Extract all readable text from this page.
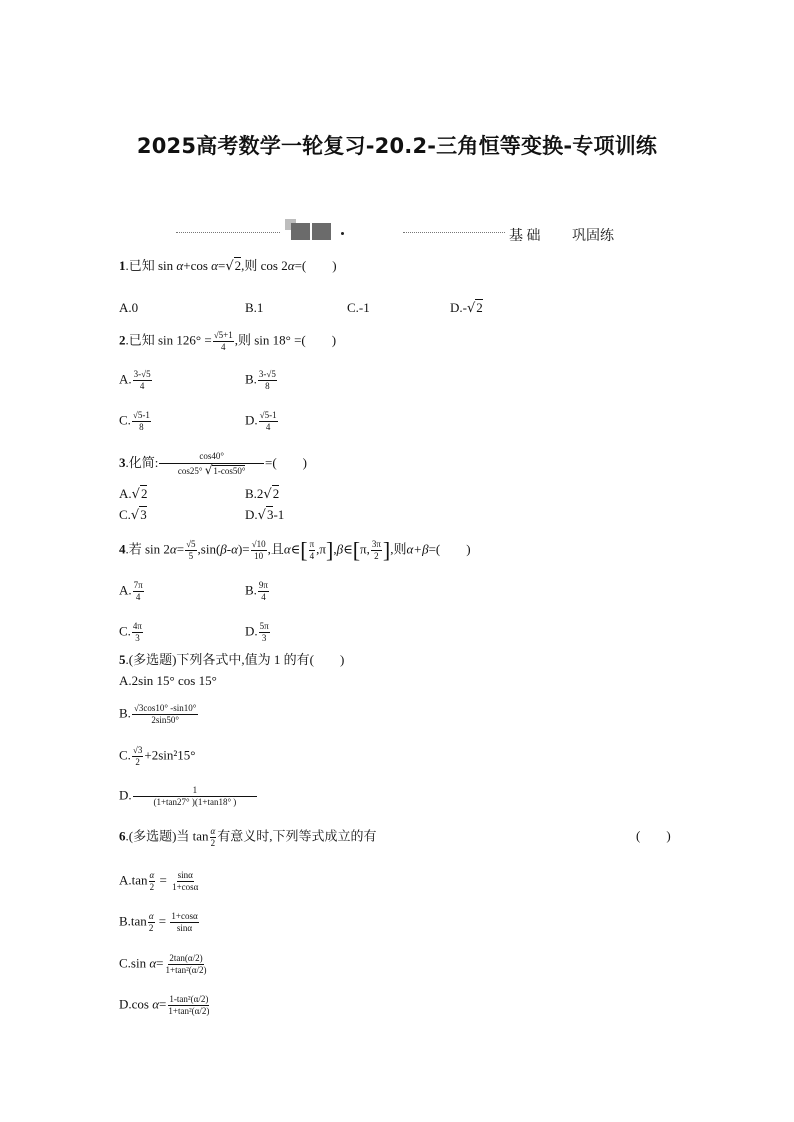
2025高考数学一轮复习-20.2-三角恒等变换-专项训练
基 础 巩固练
1.已知 sin α+cos α=√2,则 cos 2α=(　　)
A.0	B.1	C.-1	D.-√2
2.已知 $\sin 126^\circ = \frac{√5+1}{4}$ ,则 sin 18° =(　　)
A. $\frac{3-√5}{4}$	B. $\frac{3-√5}{8}$
C. $\frac{√5-1}{8}$	D. $\frac{√5-1}{4}$
3.化简: $\frac{\cos 40^\circ}{\cos 25^\circ √1-\cos 50^\circ}$ =(　　)
A.√2	B.2√2
C.√3	D.√3-1
4.若 $\sin 2\alpha= \frac{√5}{5} ,\sin(\beta-\alpha)= \frac{√10}{10}$ ,且α∈[ $\frac{\pi}{4}$ ,π],β∈[π, $\frac{3\pi}{2}$ ],则α+β=(　　)
A. $\frac{7\pi}{4}$	B. $\frac{9\pi}{4}$
C. $\frac{4\pi}{3}$	D. $\frac{5\pi}{3}$
5.(多选题)下列各式中,值为 1 的有(　　)
A.2sin 15° cos 15°
B. $\frac{√3\cos 10^\circ -\sin 10^\circ}{2\sin 50^\circ}$
C. $\frac{√3}{2} +2\sin^215^\circ$
D. $\frac{1}{(1+\tan 27^\circ )(1+\tan 18^\circ )}$
6.(多选题)当 $\tan \frac{\alpha}{2}$ 有意义时,下列等式成立的有	(　　)
$A.\tan \frac{\alpha}{2} = \frac{\sin\alpha}{1+\cos\alpha}$
$B.\tan \frac{\alpha}{2} = \frac{1+\cos\alpha}{\sin\alpha}$
C.sin $\alpha= \frac{2\tan(\alpha/2)}{\text{1+tan²(α/2)}}$
D.cos $\alpha= \frac{\text{1-tan²(α/2)}}{\text{1+tan²(α/2)}}$
